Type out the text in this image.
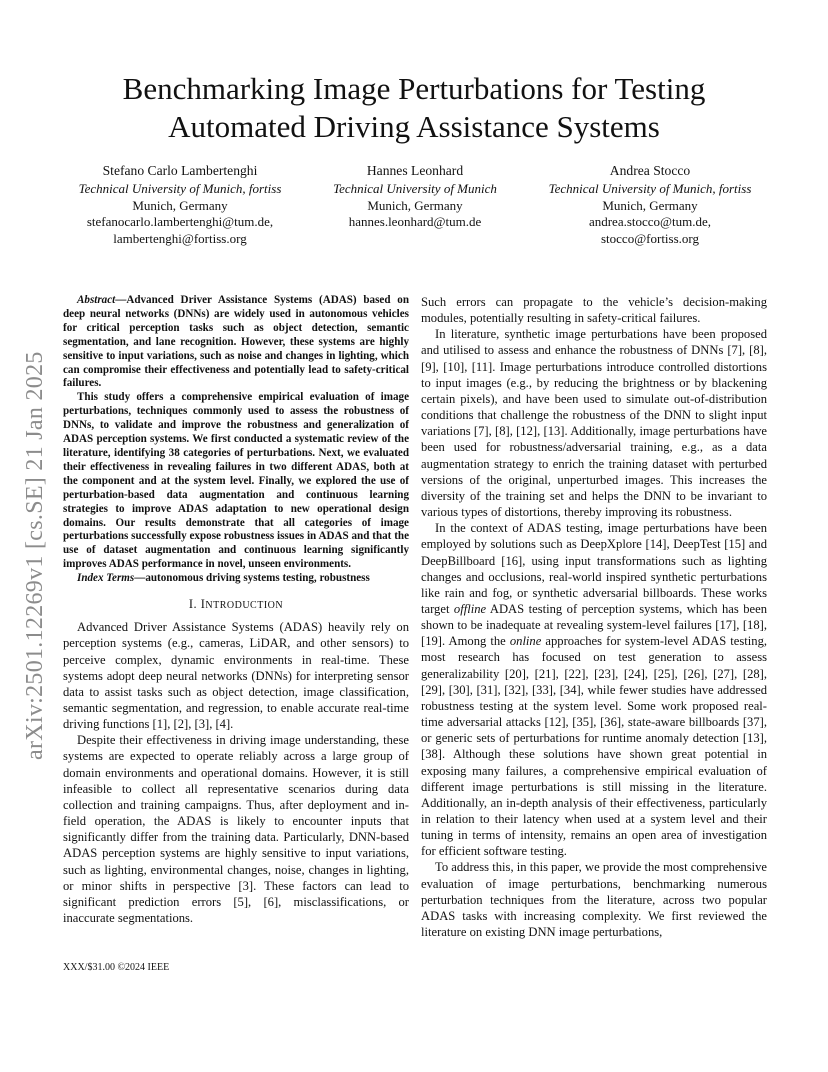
arXiv:2501.12269v1 [cs.SE] 21 Jan 2025
Benchmarking Image Perturbations for Testing
Automated Driving Assistance Systems
Stefano Carlo Lambertenghi
Technical University of Munich, fortiss
Munich, Germany
stefanocarlo.lambertenghi@tum.de,
lambertenghi@fortiss.org
Hannes Leonhard
Technical University of Munich
Munich, Germany
hannes.leonhard@tum.de
Andrea Stocco
Technical University of Munich, fortiss
Munich, Germany
andrea.stocco@tum.de,
stocco@fortiss.org

Abstract—Advanced Driver Assistance Systems (ADAS) based on deep neural networks (DNNs) are widely used in autonomous vehicles for critical perception tasks such as object detection, semantic segmentation, and lane recognition. However, these systems are highly sensitive to input variations, such as noise and changes in lighting, which can compromise their effectiveness and potentially lead to safety-critical failures.

This study offers a comprehensive empirical evaluation of image perturbations, techniques commonly used to assess the robustness of DNNs, to validate and improve the robustness and generalization of ADAS perception systems. We first conducted a systematic review of the literature, identifying 38 categories of perturbations. Next, we evaluated their effectiveness in revealing failures in two different ADAS, both at the component and at the system level. Finally, we explored the use of perturbation-based data augmentation and continuous learning strategies to improve ADAS adaptation to new operational design domains. Our results demonstrate that all categories of image perturbations successfully expose robustness issues in ADAS and that the use of dataset augmentation and continuous learning significantly improves ADAS performance in novel, unseen environments.

Index Terms—autonomous driving systems testing, robustness

I. INTRODUCTION

Advanced Driver Assistance Systems (ADAS) heavily rely on perception systems (e.g., cameras, LiDAR, and other sensors) to perceive complex, dynamic environments in real-time. These systems adopt deep neural networks (DNNs) for interpreting sensor data to assist tasks such as object detection, image classification, semantic segmentation, and regression, to enable accurate real-time driving functions [1], [2], [3], [4].

Despite their effectiveness in driving image understanding, these systems are expected to operate reliably across a large group of domain environments and operational domains. However, it is still infeasible to collect all representative scenarios during data collection and training campaigns. Thus, after deployment and in-field operation, the ADAS is likely to encounter inputs that significantly differ from the training data. Particularly, DNN-based ADAS perception systems are highly sensitive to input variations, such as lighting, environmental changes, noise, changes in lighting, or minor shifts in perspective [3]. These factors can lead to significant prediction errors [5], [6], misclassifications, or inaccurate segmentations.

Such errors can propagate to the vehicle’s decision-making modules, potentially resulting in safety-critical failures.

In literature, synthetic image perturbations have been proposed and utilised to assess and enhance the robustness of DNNs [7], [8], [9], [10], [11]. Image perturbations introduce controlled distortions to input images (e.g., by reducing the brightness or by blackening certain pixels), and have been used to simulate out-of-distribution conditions that challenge the robustness of the DNN to slight input variations [7], [8], [12], [13]. Additionally, image perturbations have been used for robustness/adversarial training, e.g., as a data augmentation strategy to enrich the training dataset with perturbed versions of the original, unperturbed images. This increases the diversity of the training set and helps the DNN to be invariant to various types of distortions, thereby improving its robustness.

In the context of ADAS testing, image perturbations have been employed by solutions such as DeepXplore [14], DeepTest [15] and DeepBillboard [16], using input transformations such as lighting changes and occlusions, real-world inspired synthetic perturbations like rain and fog, or synthetic adversarial billboards. These works target offline ADAS testing of perception systems, which has been shown to be inadequate at revealing system-level failures [17], [18], [19]. Among the online approaches for system-level ADAS testing, most research has focused on test generation to assess generalizability [20], [21], [22], [23], [24], [25], [26], [27], [28], [29], [30], [31], [32], [33], [34], while fewer studies have addressed robustness testing at the system level. Some work proposed real-time adversarial attacks [12], [35], [36], state-aware billboards [37], or generic sets of perturbations for runtime anomaly detection [13], [38]. Although these solutions have shown great potential in exposing many failures, a comprehensive empirical evaluation of different image perturbations is still missing in the literature. Additionally, an in-depth analysis of their effectiveness, particularly in relation to their latency when used at a system level and their tuning in terms of intensity, remains an open area of investigation for efficient software testing.

To address this, in this paper, we provide the most comprehensive evaluation of image perturbations, benchmarking numerous perturbation techniques from the literature, across two popular ADAS tasks with increasing complexity. We first reviewed the literature on existing DNN image perturbations,

XXX/$31.00 ©2024 IEEE
